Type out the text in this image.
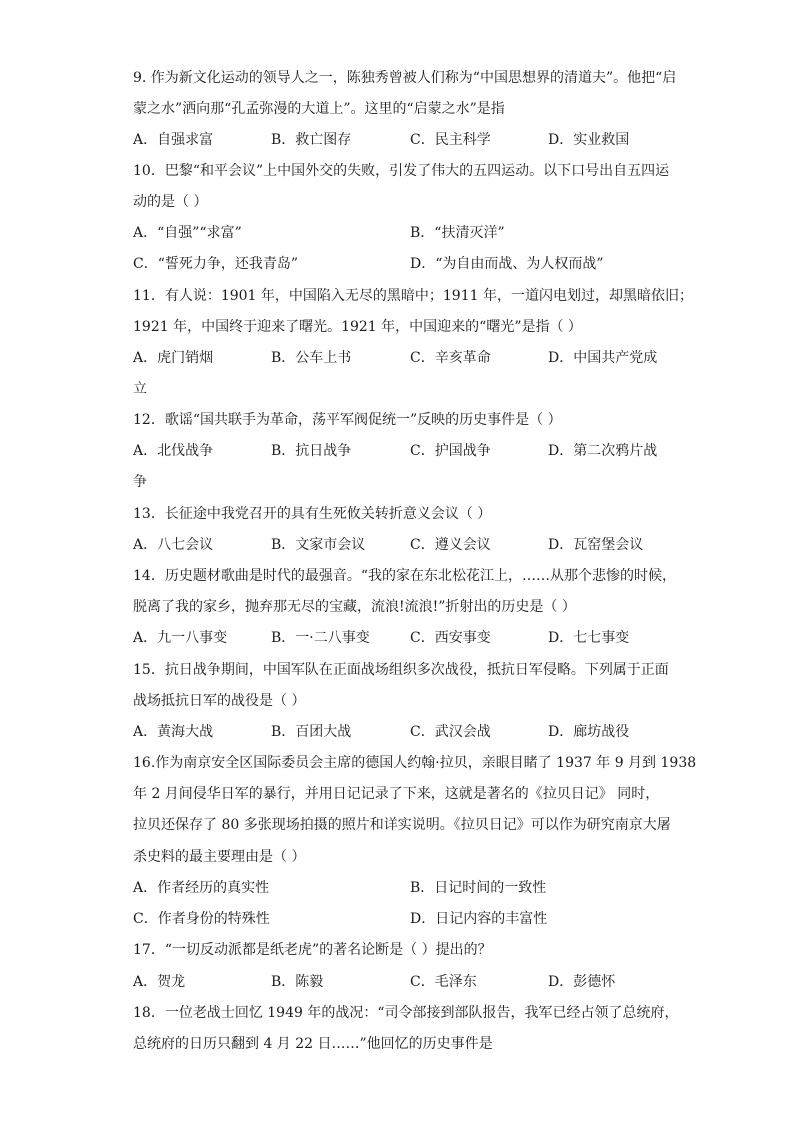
9. 作为新文化运动的领导人之一，陈独秀曾被人们称为“中国思想界的清道夫”。他把“启
蒙之水”洒向那“孔孟弥漫的大道上”。这里的“启蒙之水”是指
A．自强求富	B．救亡图存	C．民主科学	D．实业救国
10．巴黎“和平会议”上中国外交的失败，引发了伟大的五四运动。以下口号出自五四运
动的是（ ）
A．“自强”“求富”	B．“扶清灭洋”
C．“誓死力争，还我青岛”	D．“为自由而战、为人权而战”
11．有人说：1901 年，中国陷入无尽的黑暗中；1911 年，一道闪电划过，却黑暗依旧；
1921 年，中国终于迎来了曙光。1921 年，中国迎来的“曙光”是指（ ）
A．虎门销烟	B．公车上书	C．辛亥革命	D．中国共产党成
立
12．歌谣“国共联手为革命，荡平军阀促统一”反映的历史事件是（ ）
A．北伐战争	B．抗日战争	C．护国战争	D．第二次鸦片战
争
13．长征途中我党召开的具有生死攸关转折意义会议（ ）
A．八七会议	B．文家市会议	C．遵义会议	D．瓦窑堡会议
14．历史题材歌曲是时代的最强音。“我的家在东北松花江上，……从那个悲惨的时候，
脱离了我的家乡，抛弃那无尽的宝藏，流浪!流浪!”折射出的历史是（ ）
A．九一八事变	B．一·二八事变	C．西安事变	D．七七事变
15．抗日战争期间，中国军队在正面战场组织多次战役，抵抗日军侵略。下列属于正面
战场抵抗日军的战役是（ ）
A．黄海大战	B．百团大战	C．武汉会战	D．廊坊战役
16.作为南京安全区国际委员会主席的德国人约翰·拉贝，亲眼目睹了 1937 年 9 月到 1938
年 2 月间侵华日军的暴行，并用日记记录了下来，这就是著名的《拉贝日记》 同时，
拉贝还保存了 80 多张现场拍摄的照片和详实说明。《拉贝日记》可以作为研究南京大屠
杀史料的最主要理由是（ ）
A．作者经历的真实性	B．日记时间的一致性
C．作者身份的特殊性	D．日记内容的丰富性
17．“一切反动派都是纸老虎”的著名论断是（ ）提出的？
A．贺龙	B．陈毅	C．毛泽东	D．彭德怀
18．一位老战士回忆 1949 年的战况：“司令部接到部队报告，我军已经占领了总统府，
总统府的日历只翻到 4 月 22 日……”他回忆的历史事件是
